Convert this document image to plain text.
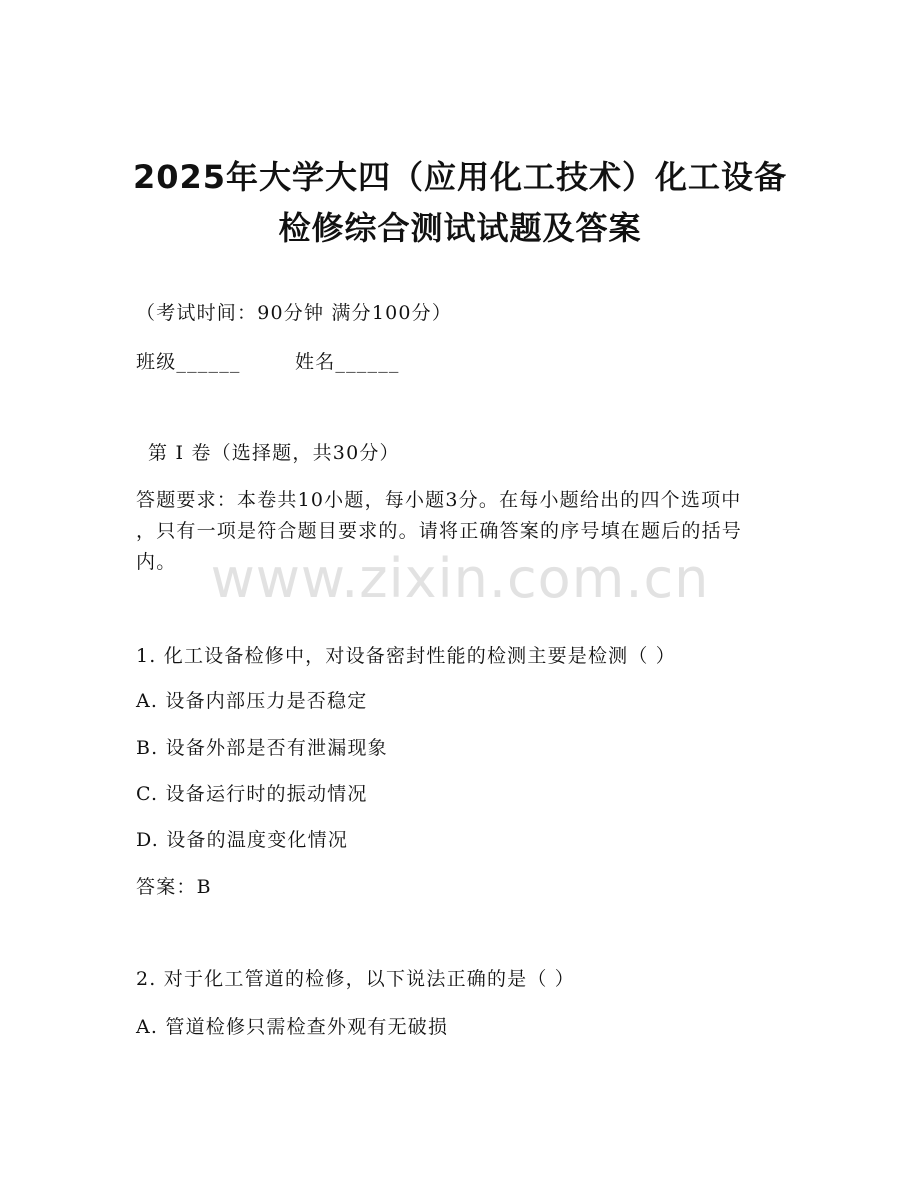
2025年大学大四（应用化工技术）化工设备
检修综合测试试题及答案
（考试时间：90分钟 满分100分）
班级______	姓名______
第 I 卷（选择题，共30分）
答题要求：本卷共10小题，每小题3分。在每小题给出的四个选项中
，只有一项是符合题目要求的。请将正确答案的序号填在题后的括号
内。 www.zixin.com.cn
1. 化工设备检修中，对设备密封性能的检测主要是检测（ ）
A. 设备内部压力是否稳定
B. 设备外部是否有泄漏现象
C. 设备运行时的振动情况
D. 设备的温度变化情况
答案：B
2. 对于化工管道的检修，以下说法正确的是（ ）
A. 管道检修只需检查外观有无破损
